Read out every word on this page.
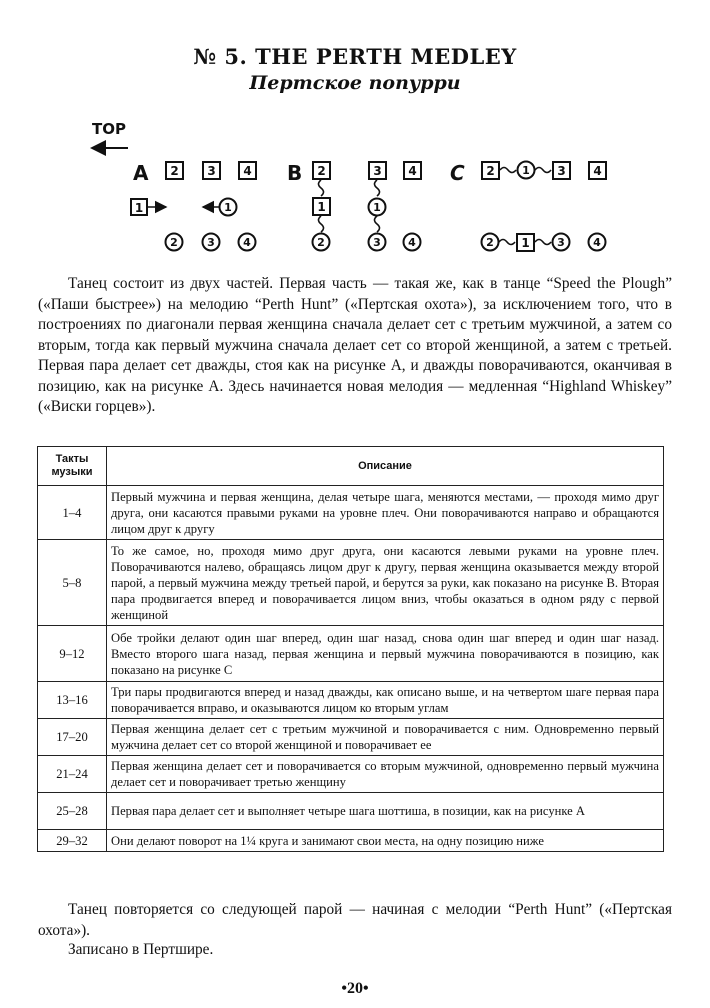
№ 5. THE PERTH MEDLEY
Пертское попурри
TOP
A 2 3 4
1	1
2	3	4
B 2
1
2
3
1
3
4
4
C 2 1 3 4
2 1 3	4

Танец состоит из двух частей. Первая часть — такая же, как в танце “Speed the Plough” («Паши быстрее») на мелодию “Perth Hunt” («Пертская охота»), за исключением того, что в построениях по диагонали первая женщина сначала делает сет с третьим мужчиной, а затем со вторым, тогда как первый мужчина сначала делает сет со второй женщиной, а затем с третьей. Первая пара делает сет дважды, стоя как на рисунке А, и дважды поворачиваются, оканчивая в позицию, как на рисунке А. Здесь начинается новая мелодия — медленная “Highland Whiskey” («Виски горцев»).

Такты музыки	Описание
1–4	Первый мужчина и первая женщина, делая четыре шага, меняются местами, — проходя мимо друг друга, они касаются правыми руками на уровне плеч. Они поворачиваются направо и обращаются лицом друг к другу
5–8	То же самое, но, проходя мимо друг друга, они касаются левыми руками на уровне плеч. Поворачиваются налево, обращаясь лицом друг к другу, первая женщина оказывается между второй парой, а первый мужчина между третьей парой, и берутся за руки, как показано на рисунке В. Вторая пара продвигается вперед и поворачивается лицом вниз, чтобы оказаться в одном ряду с первой женщиной
9–12	Обе тройки делают один шаг вперед, один шаг назад, снова один шаг вперед и один шаг назад. Вместо второго шага назад, первая женщина и первый мужчина поворачиваются в позицию, как показано на рисунке С
13–16	Три пары продвигаются вперед и назад дважды, как описано выше, и на четвертом шаге первая пара поворачивается вправо, и оказываются лицом ко вторым углам
17–20	Первая женщина делает сет с третьим мужчиной и поворачивается с ним. Одновременно первый мужчина делает сет со второй женщиной и поворачивает ее
21–24	Первая женщина делает сет и поворачивается со вторым мужчиной, одновременно первый мужчина делает сет и поворачивает третью женщину
25–28	Первая пара делает сет и выполняет четыре шага шоттиша, в позиции, как на рисунке А
29–32	Они делают поворот на 1¼ круга и занимают свои места, на одну позицию ниже

Танец повторяется со следующей парой — начиная с мелодии “Perth Hunt” («Пертская охота»).

Записано в Пертшире.

•20•
